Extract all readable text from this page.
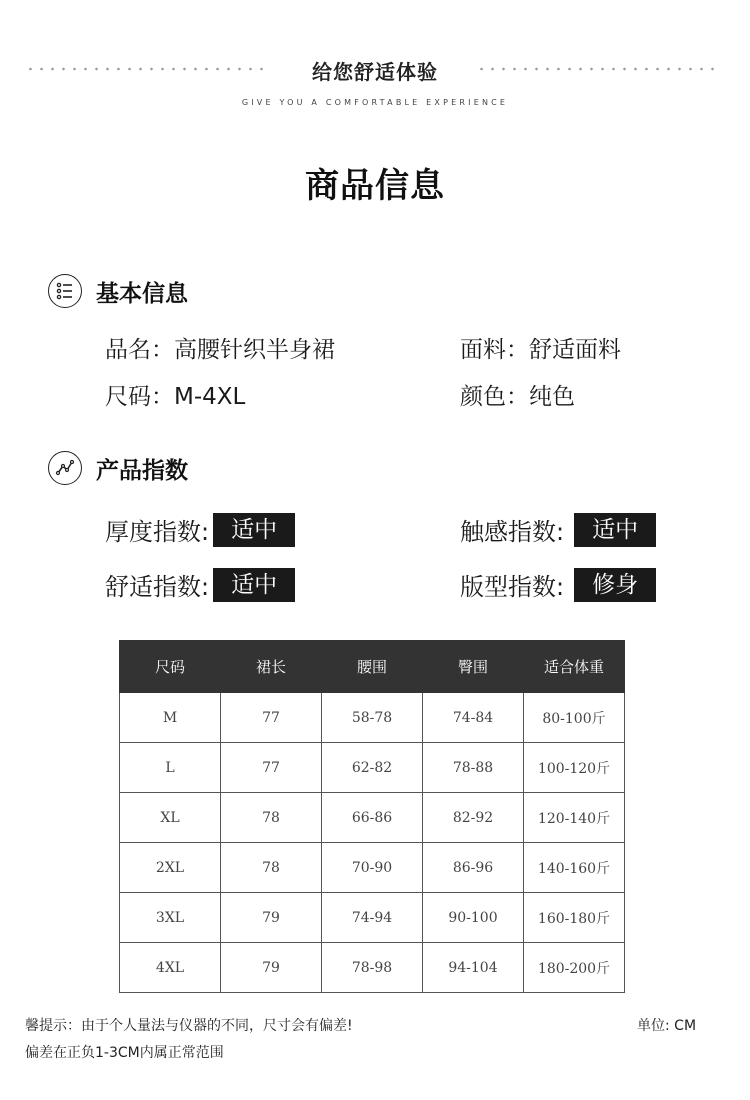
给您舒适体验
GIVE YOU A COMFORTABLE EXPERIENCE
商品信息
基本信息
品名：高腰针织半身裙	面料：舒适面料
尺码：M-4XL	颜色：纯色
产品指数
厚度指数: 适中	触感指数:	适中
舒适指数: 适中	版型指数:	修身
尺码	裙长	腰围	臀围	适合体重
M	77	58-78	74-84	80-100斤
L	77	62-82	78-88	100-120斤
XL	78	66-86	82-92	120-140斤
2XL	78	70-90	86-96	140-160斤
3XL	79	74-94	90-100	160-180斤
4XL	79	78-98	94-104	180-200斤
馨提示：由于个人量法与仪器的不同，尺寸会有偏差!	单位: CM
偏差在正负1-3CM内属正常范围
